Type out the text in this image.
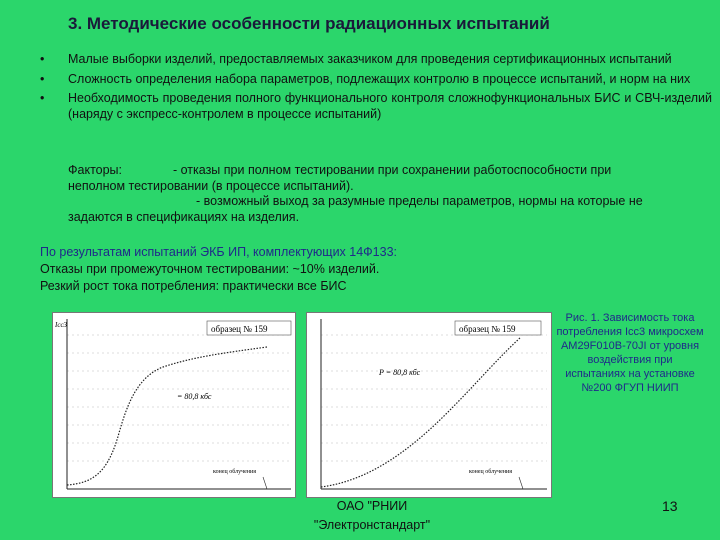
3. Методические особенности радиационных испытаний
• Малые выборки изделий, предоставляемых заказчиком для проведения сертификационных испытаний
• Сложность определения набора параметров, подлежащих контролю в процессе испытаний, и норм на них
• Необходимость проведения полного функционального контроля сложнофункциональных БИС и СВЧ-изделий (наряду с экспресс-контролем в процессе испытаний)
Факторы:	- отказы при полном тестировании при сохранении работоспособности при
неполном тестировании (в процессе испытаний).
- возможный выход за разумные пределы параметров, нормы на которые не
задаются в спецификациях на изделия.
По результатам испытаний ЭКБ ИП, комплектующих 14Ф133:
Отказы при промежуточном тестировании: ~10% изделий.
Резкий рост тока потребления: практически все БИС
образец № 159
= 80,8 кбс
конец облучения
Iсс3	образец № 159
P = 80,8 кбс
конец облучения
Рис. 1. Зависимость тока потребления Icc3 микросхем AM29F010B-70JI от уровня воздействия при испытаниях на установке №200 ФГУП НИИП
ОАО "РНИИ
"Электронстандарт"
13
